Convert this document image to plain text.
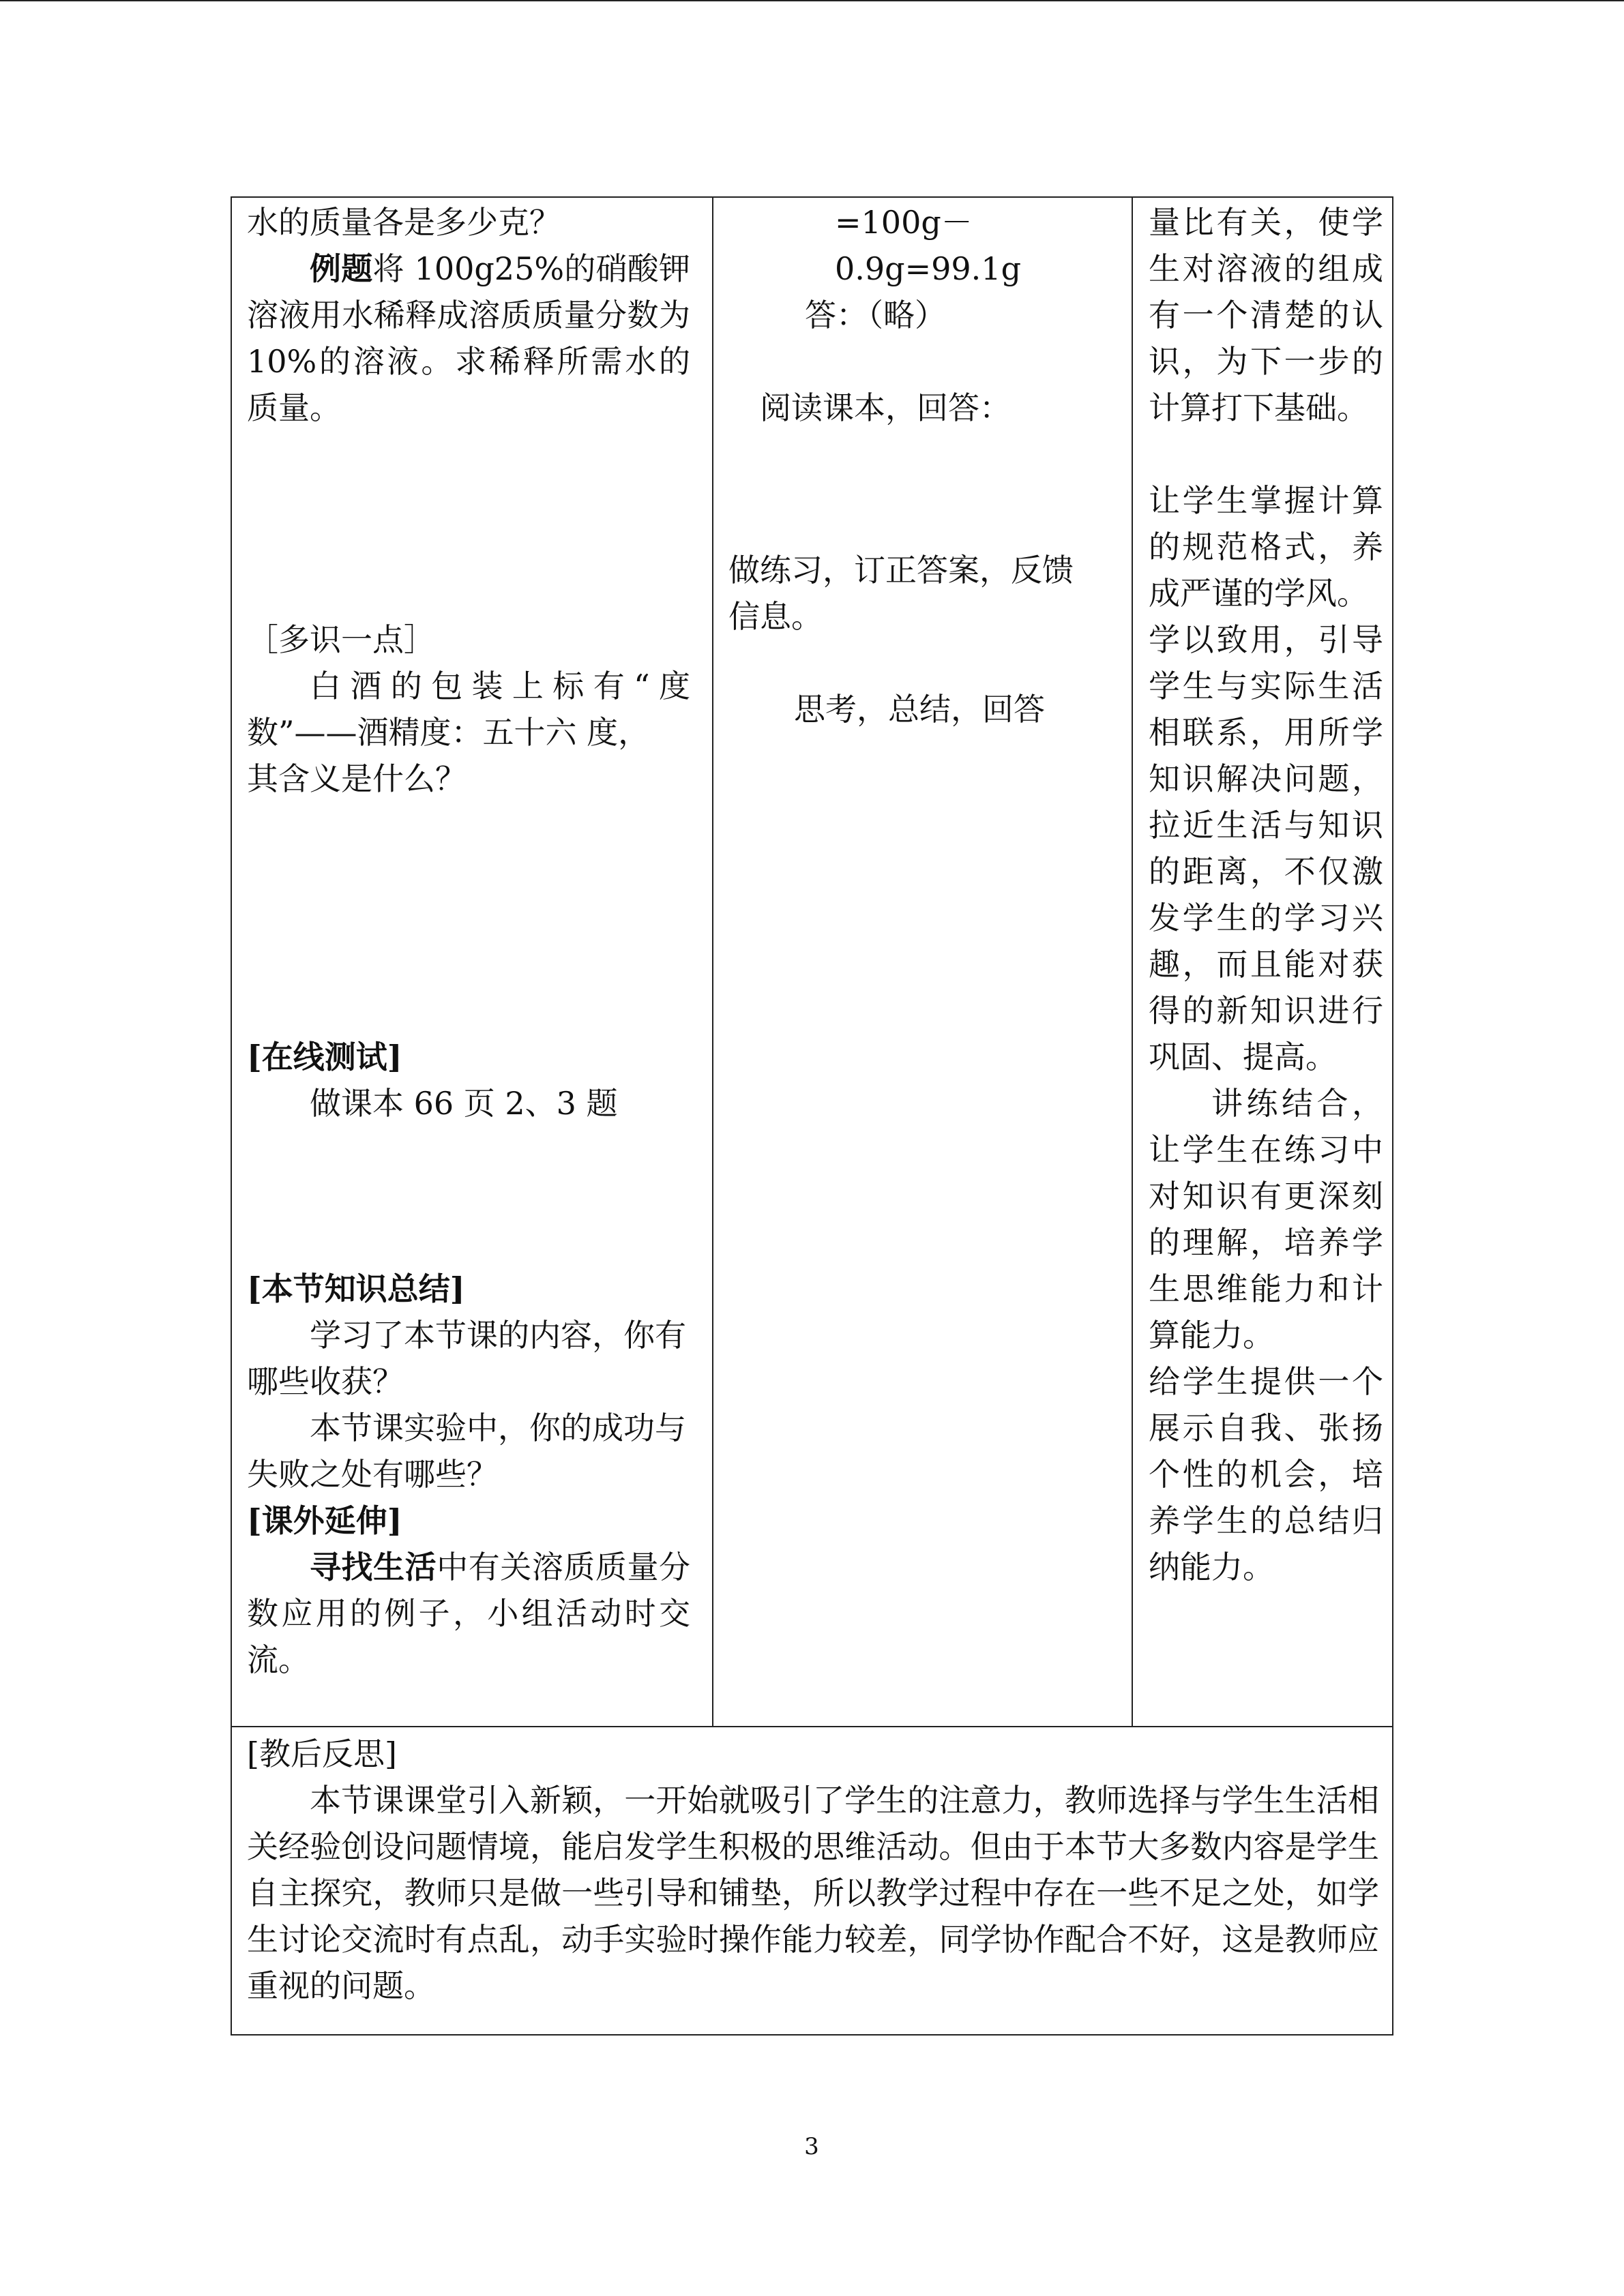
水的质量各是多少克？

例题将 100g25%的硝酸钾溶液用水稀释成溶质质量分数为 10%的溶液。求稀释所需水的质量。

［多识一点］

白酒的包装上标有“度数”——酒精度：五十六 度，

其含义是什么？

[在线测试]

做课本 66 页 2、3 题

[本节知识总结]

学习了本节课的内容，你有哪些收获？

本节课实验中，你的成功与失败之处有哪些？

[课外延伸]

寻找生活中有关溶质质量分数应用的例子，小组活动时交流。

=100g－0.9g=99.1g

答：（略）

阅读课本，回答：

做练习，订正答案，反馈信息。

思考，总结，回答

量比有关，使学生对溶液的组成有一个清楚的认识，为下一步的计算打下基础。

让学生掌握计算的规范格式，养成严谨的学风。

学以致用，引导学生与实际生活相联系，用所学知识解决问题，拉近生活与知识的距离，不仅激发学生的学习兴趣，而且能对获得的新知识进行巩固、提高。

讲练结合，让学生在练习中对知识有更深刻的理解，培养学生思维能力和计算能力。

给学生提供一个展示自我、张扬个性的机会，培养学生的总结归纳能力。

[教后反思]

本节课课堂引入新颖，一开始就吸引了学生的注意力，教师选择与学生生活相关经验创设问题情境，能启发学生积极的思维活动。但由于本节大多数内容是学生自主探究，教师只是做一些引导和铺垫，所以教学过程中存在一些不足之处，如学生讨论交流时有点乱，动手实验时操作能力较差，同学协作配合不好，这是教师应重视的问题。

3
